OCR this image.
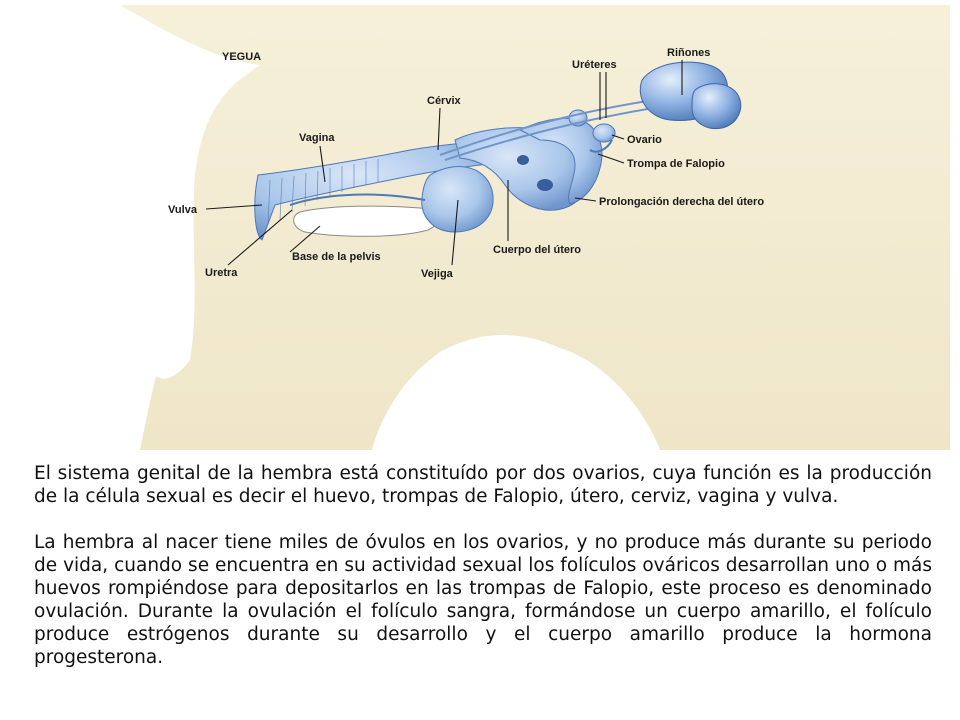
YEGUA	Riñones
Uréteres
Cérvix
Vagina	Ovario
Trompa de Falopio
Prolongación derecha del útero
Vulva
Cuerpo del útero
Base de la pelvis
Uretra	Vejiga

El sistema genital de la hembra está constituído por dos ovarios, cuya función es la producción de la célula sexual es decir el huevo, trompas de Falopio, útero, cerviz, vagina y vulva.

La hembra al nacer tiene miles de óvulos en los ovarios, y no produce más durante su periodo de vida, cuando se encuentra en su actividad sexual los folículos ováricos desarrollan uno o más huevos rompiéndose para depositarlos en las trompas de Falopio, este proceso es denominado ovulación. Durante la ovulación el folículo sangra, formándose un cuerpo amarillo, el folículo produce estrógenos durante su desarrollo y el cuerpo amarillo produce la hormona progesterona.
